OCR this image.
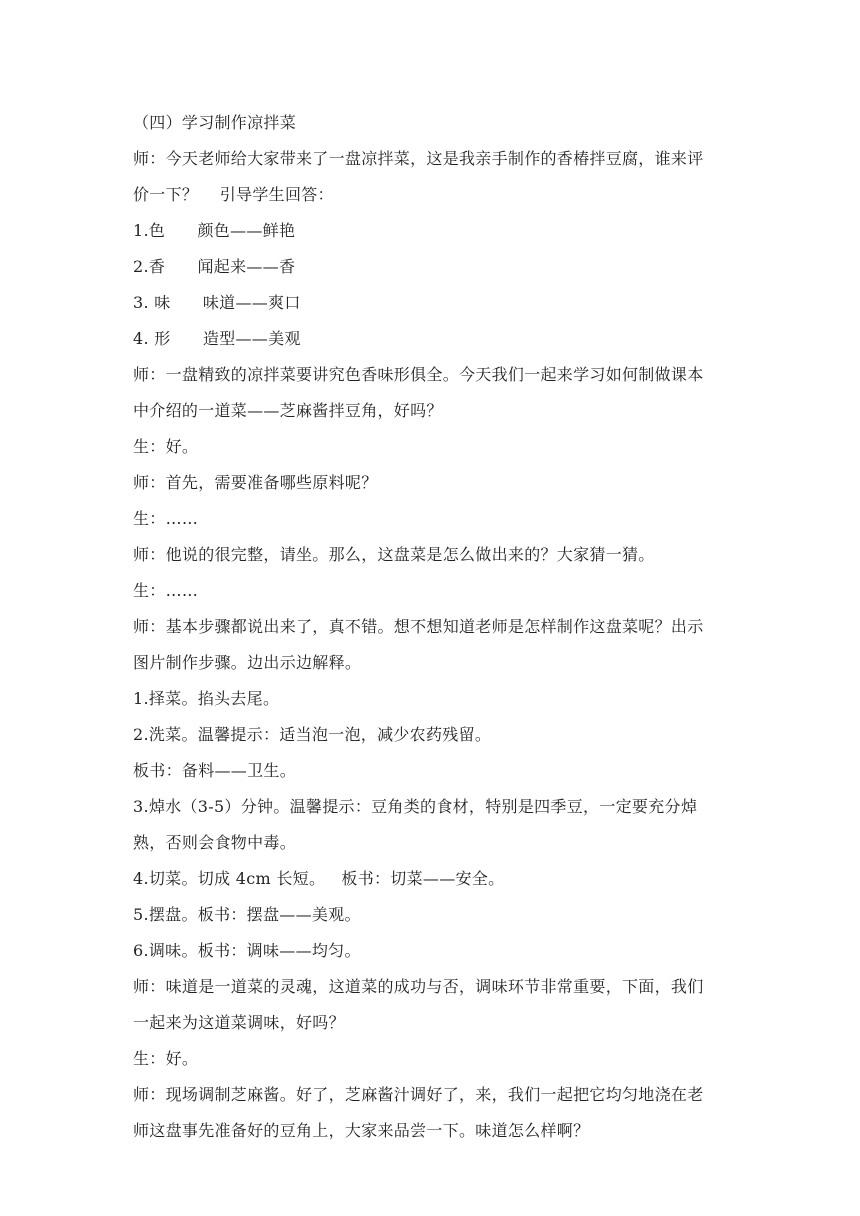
（四）学习制作凉拌菜
师：今天老师给大家带来了一盘凉拌菜，这是我亲手制作的香椿拌豆腐，谁来评
价一下？    引导学生回答：
1.色      颜色——鲜艳
2.香      闻起来——香
3. 味      味道——爽口
4. 形      造型——美观
师：一盘精致的凉拌菜要讲究色香味形俱全。今天我们一起来学习如何制做课本
中介绍的一道菜——芝麻酱拌豆角，好吗？
生：好。
师：首先，需要准备哪些原料呢？
生：……
师：他说的很完整，请坐。那么，这盘菜是怎么做出来的？大家猜一猜。
生：……
师：基本步骤都说出来了，真不错。想不想知道老师是怎样制作这盘菜呢？出示
图片制作步骤。边出示边解释。
1.择菜。掐头去尾。
2.洗菜。温馨提示：适当泡一泡，减少农药残留。
板书：备料——卫生。
3.焯水（3-5）分钟。温馨提示：豆角类的食材，特别是四季豆，一定要充分焯
熟，否则会食物中毒。
4.切菜。切成 4cm 长短。   板书：切菜——安全。
5.摆盘。板书：摆盘——美观。
6.调味。板书：调味——均匀。
师：味道是一道菜的灵魂，这道菜的成功与否，调味环节非常重要，下面，我们
一起来为这道菜调味，好吗？
生：好。
师：现场调制芝麻酱。好了，芝麻酱汁调好了，来，我们一起把它均匀地浇在老
师这盘事先准备好的豆角上，大家来品尝一下。味道怎么样啊？
